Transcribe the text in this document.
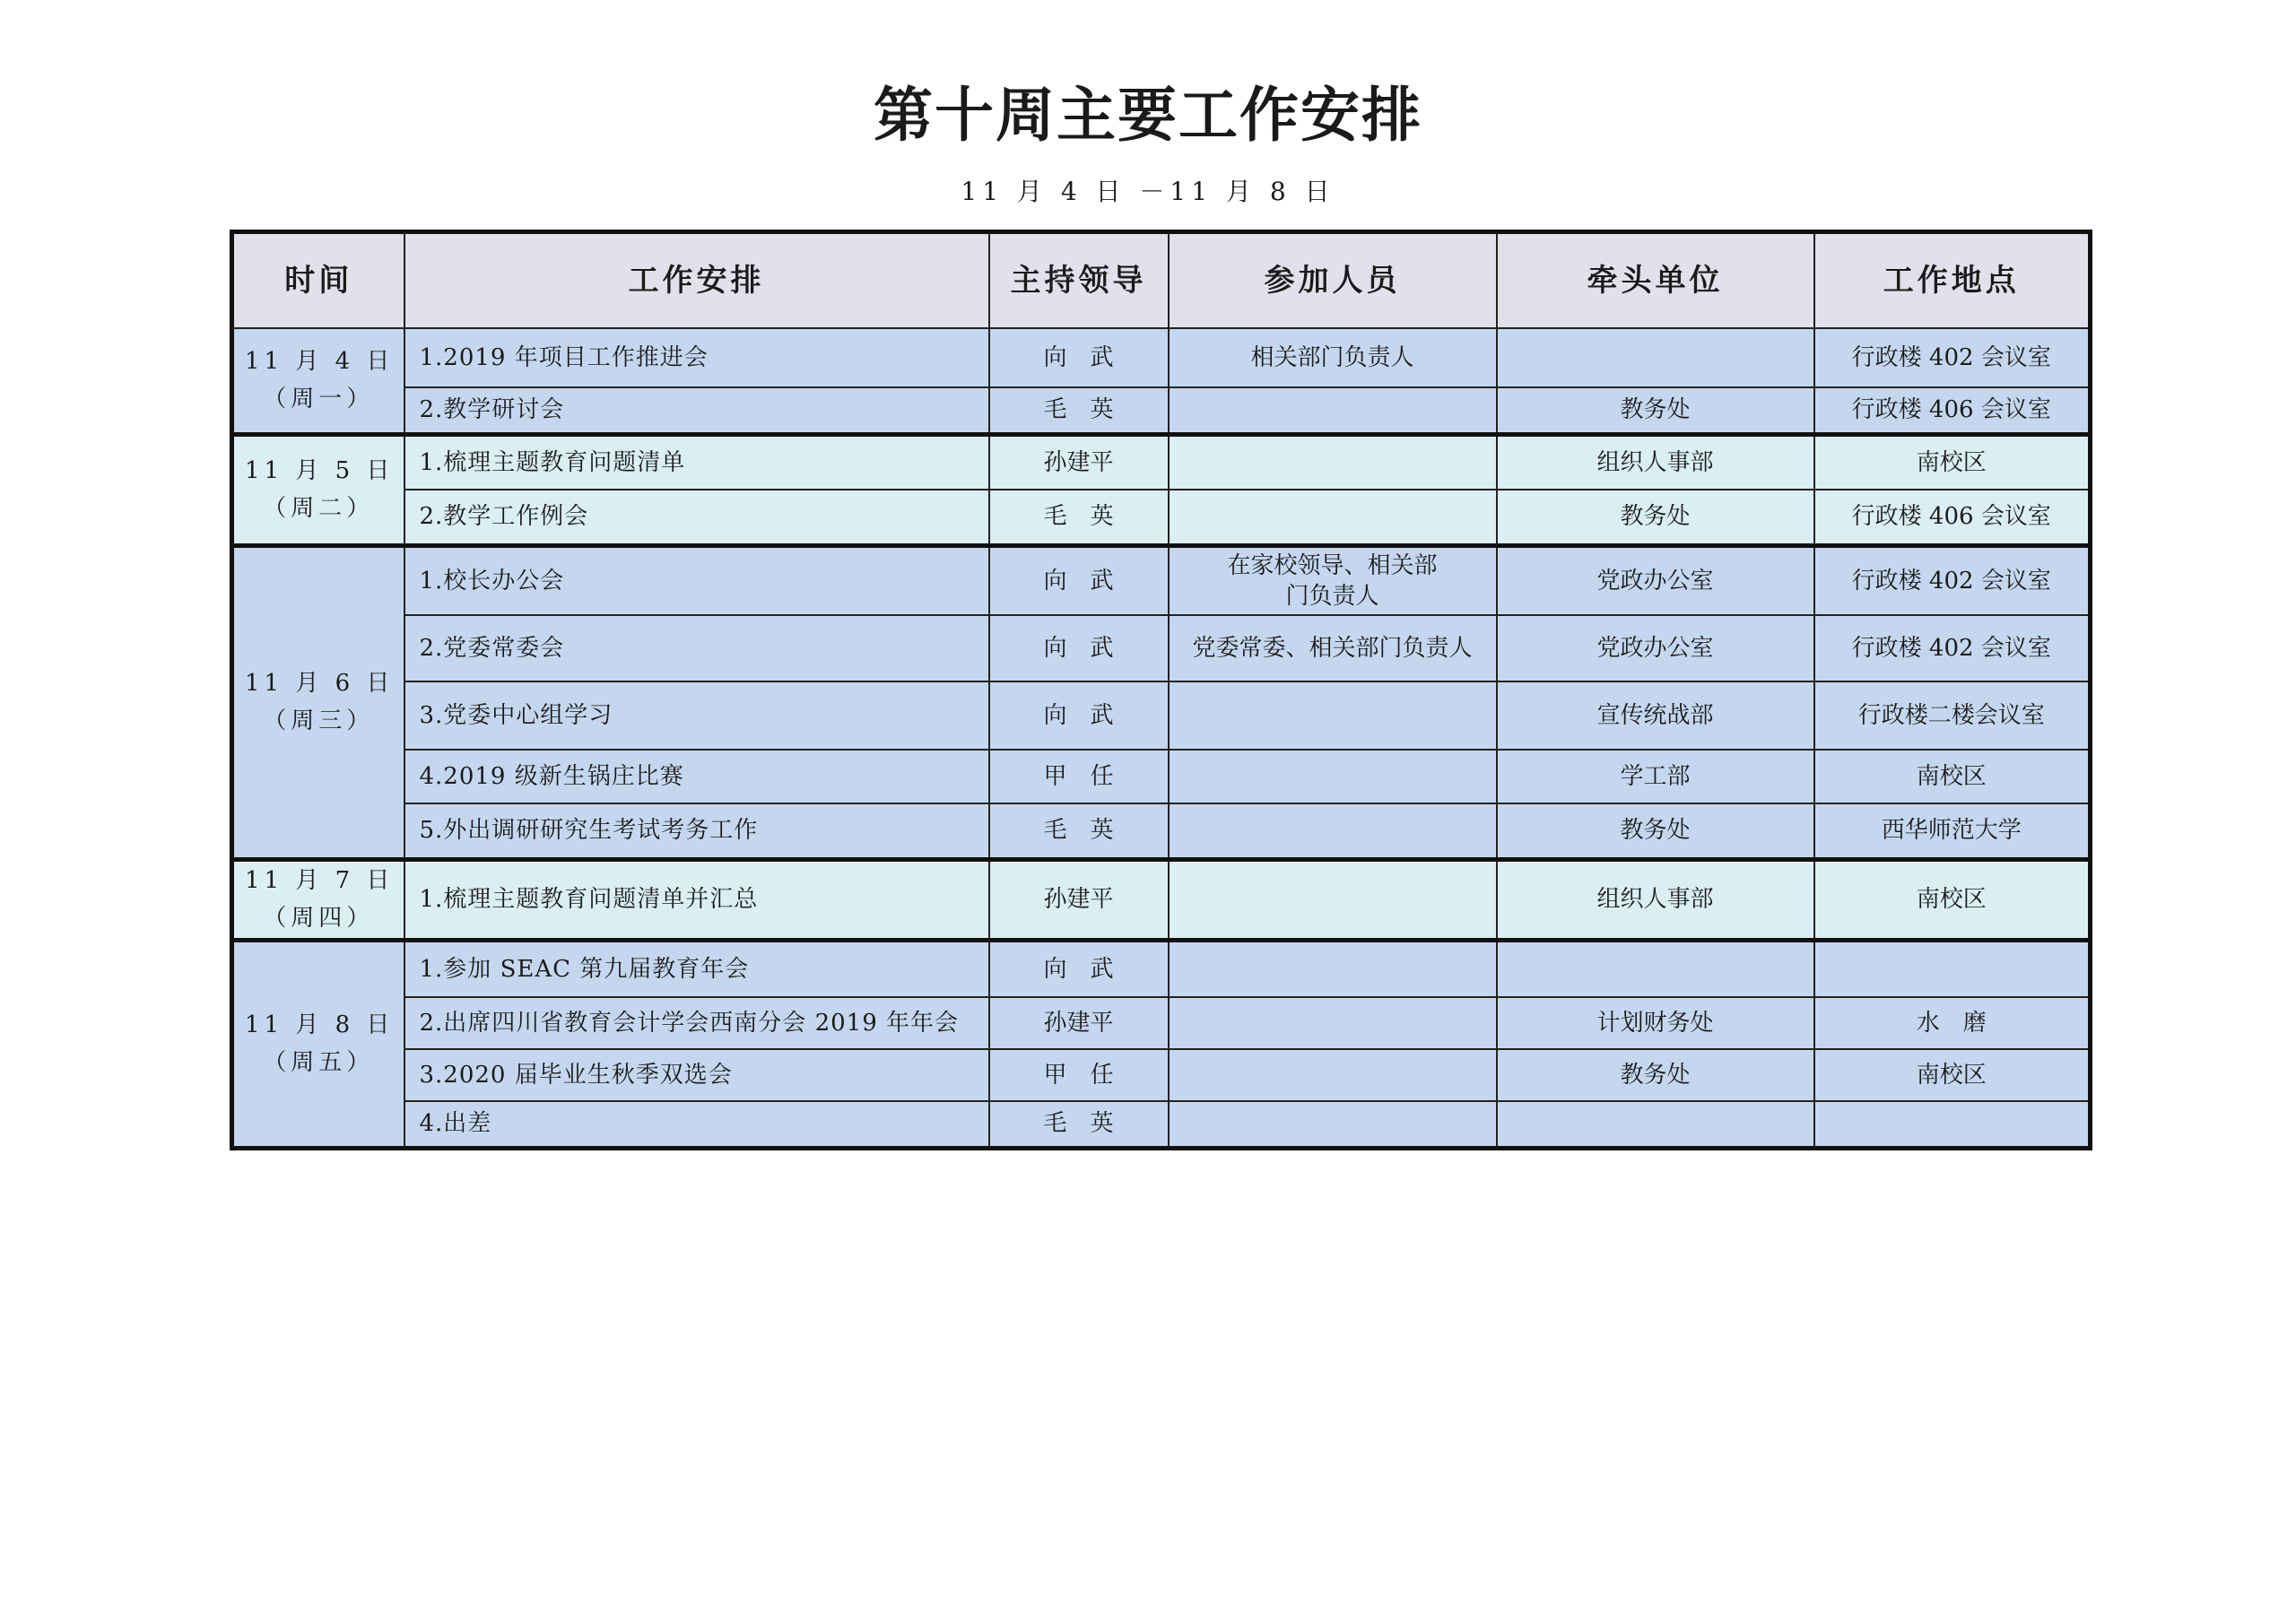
第十周主要工作安排
11 月 4 日 －11 月 8 日
时间	工作安排	主持领导	参加人员	牵头单位	工作地点

11 月 4 日
（周一）	1.2019 年项目工作推进会	向　武	相关部门负责人		行政楼 402 会议室
	2.教学研讨会	毛　英		教务处	行政楼 406 会议室

11 月 5 日
（周二）	1.梳理主题教育问题清单	孙建平		组织人事部	南校区
	2.教学工作例会	毛　英		教务处	行政楼 406 会议室

11 月 6 日
（周三）	1.校长办公会	向　武	在家校领导、相关部门负责人	党政办公室	行政楼 402 会议室
	2.党委常委会	向　武	党委常委、相关部门负责人	党政办公室	行政楼 402 会议室
	3.党委中心组学习	向　武		宣传统战部	行政楼二楼会议室
	4.2019 级新生锅庄比赛	甲　任		学工部	南校区
	5.外出调研研究生考试考务工作	毛　英		教务处	西华师范大学

11 月 7 日
（周四）	1.梳理主题教育问题清单并汇总	孙建平		组织人事部	南校区

11 月 8 日
（周五）	1.参加 SEAC 第九届教育年会	向　武			
	2.出席四川省教育会计学会西南分会 2019 年年会	孙建平		计划财务处	水　磨
	3.2020 届毕业生秋季双选会	甲　任		教务处	南校区
	4.出差	毛　英			
